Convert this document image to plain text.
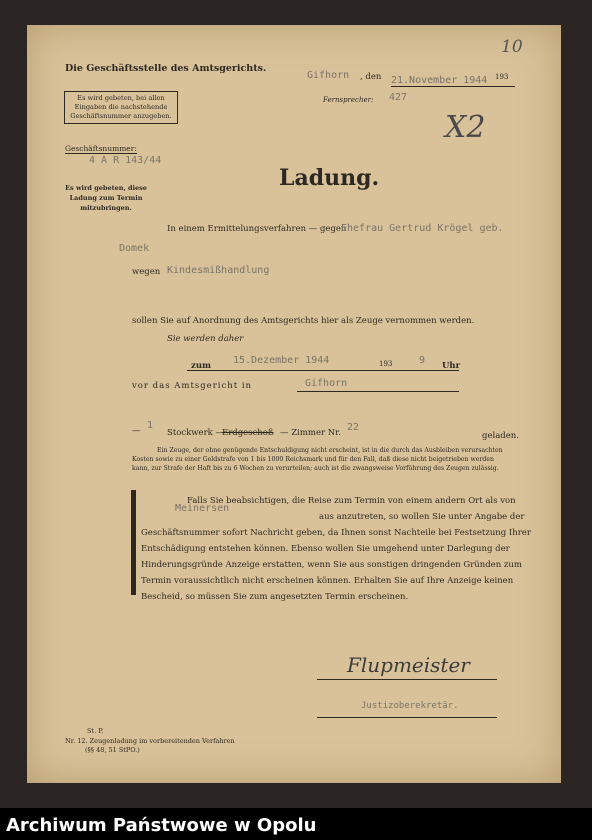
10
Die Geschäftsstelle des Amtsgerichts.
Gifhorn , den 21.November 1944	193
Fernsprecher: 427
X2
Es wird gebeten, bei allen Eingaben die nachstehende Geschäftsnummer anzugeben.
Geschäftsnummer:
4 A R 143/44
Es wird gebeten, diese Ladung zum Termin mitzubringen.
Ladung.
In einem Ermittelungsverfahren — gegen
Ehefrau Gertrud Krögel geb.
Domek
wegen Kindesmißhandlung
sollen Sie auf Anordnung des Amtsgerichts hier als Zeuge vernommen werden.
Sie werden daher
zum 15.Dezember 1944	193	9 Uhr
vor das Amtsgericht in	Gifhorn
— 1
Stockwerk —
Erdgeschoß — Zimmer Nr. 22
geladen.
Ein Zeuge, der ohne genügende Entschuldigung nicht erscheint, ist in die durch das Ausbleiben verursachten
Kosten sowie zu einer Geldstrafe von 1 bis 1000 Reichsmark und für den Fall, daß diese nicht beigetrieben werden
kann, zur Strafe der Haft bis zu 6 Wochen zu verurteilen; auch ist die zwangsweise Vorführung des Zeugen zulässig.
Falls Sie beabsichtigen, die Reise zum Termin von einem andern Ort als von
Meinersen
aus anzutreten, so wollen Sie unter Angabe der
Geschäftsnummer sofort Nachricht geben, da Ihnen sonst Nachteile bei Festsetzung Ihrer
Entschädigung entstehen können. Ebenso wollen Sie umgehend unter Darlegung der
Hinderungsgründe Anzeige erstatten, wenn Sie aus sonstigen dringenden Gründen zum
Termin voraussichtlich nicht erscheinen können. Erhalten Sie auf Ihre Anzeige keinen
Bescheid, so müssen Sie zum angesetzten Termin erscheinen.
Flupmeister
Justizoberekretär.
St. P.
Nr. 12. Zeugenladung im vorbereitenden Verfahren
(§§ 48, 51 StPO.)
Archiwum Państwowe w Opolu
